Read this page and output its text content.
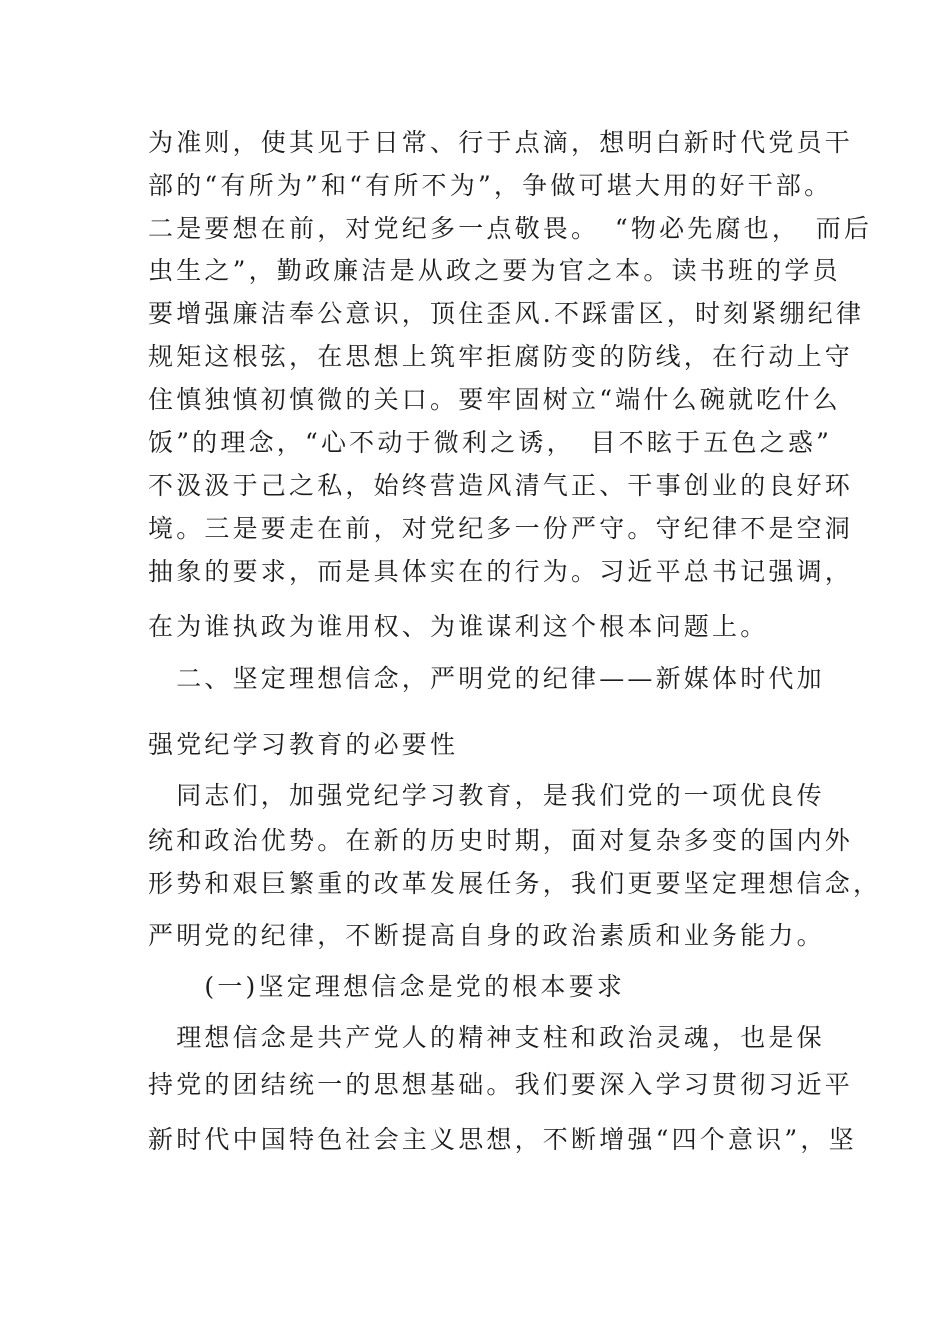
为准则，使其见于日常、行于点滴，想明白新时代党员干
部的“有所为”和“有所不为”，争做可堪大用的好干部。
二是要想在前，对党纪多一点敬畏。　“物必先腐也，　而后
虫生之”，勤政廉洁是从政之要为官之本。读书班的学员
要增强廉洁奉公意识，顶住歪风.不踩雷区，时刻紧绷纪律
规矩这根弦，在思想上筑牢拒腐防变的防线，在行动上守
住慎独慎初慎微的关口。要牢固树立“端什么碗就吃什么
饭”的理念，“心不动于微利之诱，　目不眩于五色之惑”
不汲汲于己之私，始终营造风清气正、干事创业的良好环
境。三是要走在前，对党纪多一份严守。守纪律不是空洞
抽象的要求，而是具体实在的行为。习近平总书记强调，
在为谁执政为谁用权、为谁谋利这个根本问题上。
　二、坚定理想信念，严明党的纪律——新媒体时代加
强党纪学习教育的必要性
　同志们，加强党纪学习教育，是我们党的一项优良传
统和政治优势。在新的历史时期，面对复杂多变的国内外
形势和艰巨繁重的改革发展任务，我们更要坚定理想信念，
严明党的纪律，不断提高自身的政治素质和业务能力。
　　(一)坚定理想信念是党的根本要求
　理想信念是共产党人的精神支柱和政治灵魂，也是保
持党的团结统一的思想基础。我们要深入学习贯彻习近平
新时代中国特色社会主义思想，不断增强“四个意识”，坚
